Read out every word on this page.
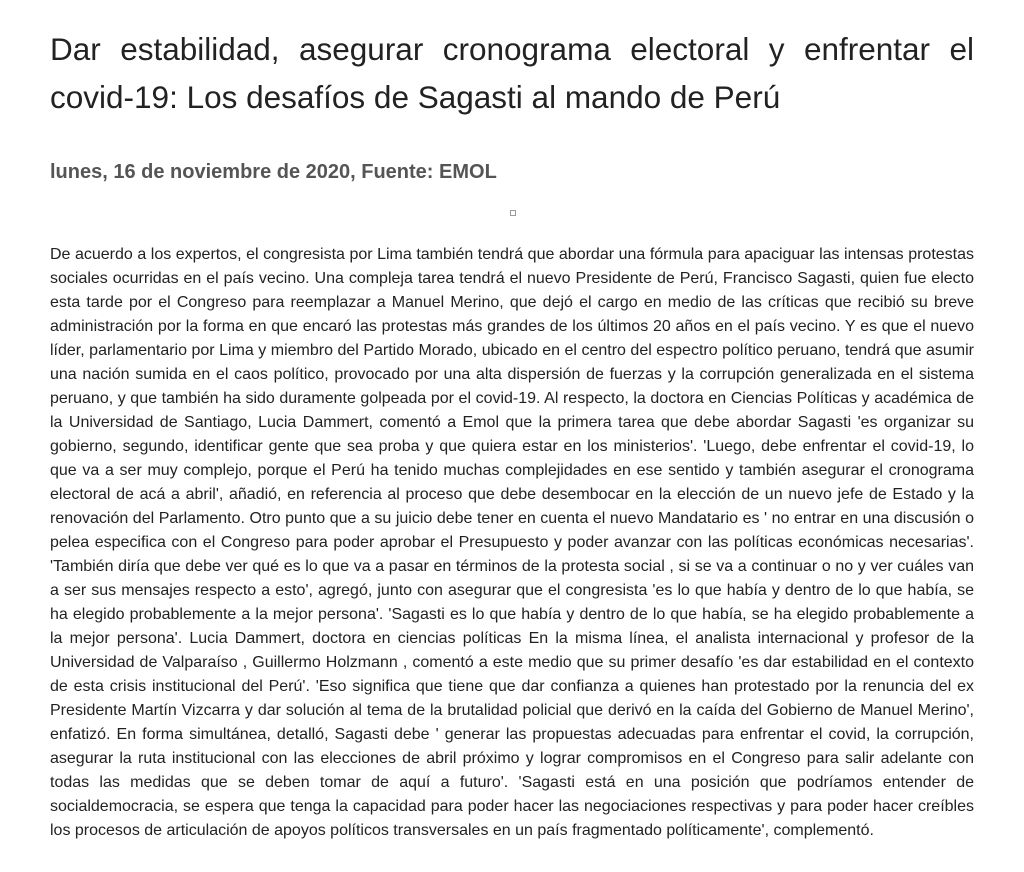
Dar estabilidad, asegurar cronograma electoral y enfrentar el covid-19: Los desafíos de Sagasti al mando de Perú

lunes, 16 de noviembre de 2020, Fuente: EMOL

De acuerdo a los expertos, el congresista por Lima también tendrá que abordar una fórmula para apaciguar las intensas protestas sociales ocurridas en el país vecino. Una compleja tarea tendrá el nuevo Presidente de Perú, Francisco Sagasti, quien fue electo esta tarde por el Congreso para reemplazar a Manuel Merino, que dejó el cargo en medio de las críticas que recibió su breve administración por la forma en que encaró las protestas más grandes de los últimos 20 años en el país vecino. Y es que el nuevo líder, parlamentario por Lima y miembro del Partido Morado, ubicado en el centro del espectro político peruano, tendrá que asumir una nación sumida en el caos político, provocado por una alta dispersión de fuerzas y la corrupción generalizada en el sistema peruano, y que también ha sido duramente golpeada por el covid-19. Al respecto, la doctora en Ciencias Políticas y académica de la Universidad de Santiago, Lucia Dammert, comentó a Emol que la primera tarea que debe abordar Sagasti 'es organizar su gobierno, segundo, identificar gente que sea proba y que quiera estar en los ministerios'. 'Luego, debe enfrentar el covid-19, lo que va a ser muy complejo, porque el Perú ha tenido muchas complejidades en ese sentido y también asegurar el cronograma electoral de acá a abril', añadió, en referencia al proceso que debe desembocar en la elección de un nuevo jefe de Estado y la renovación del Parlamento. Otro punto que a su juicio debe tener en cuenta el nuevo Mandatario es ' no entrar en una discusión o pelea especifica con el Congreso para poder aprobar el Presupuesto y poder avanzar con las políticas económicas necesarias'. 'También diría que debe ver qué es lo que va a pasar en términos de la protesta social , si se va a continuar o no y ver cuáles van a ser sus mensajes respecto a esto', agregó, junto con asegurar que el congresista 'es lo que había y dentro de lo que había, se ha elegido probablemente a la mejor persona'. 'Sagasti es lo que había y dentro de lo que había, se ha elegido probablemente a la mejor persona'. Lucia Dammert, doctora en ciencias políticas En la misma línea, el analista internacional y profesor de la Universidad de Valparaíso , Guillermo Holzmann , comentó a este medio que su primer desafío 'es dar estabilidad en el contexto de esta crisis institucional del Perú'. 'Eso significa que tiene que dar confianza a quienes han protestado por la renuncia del ex Presidente Martín Vizcarra y dar solución al tema de la brutalidad policial que derivó en la caída del Gobierno de Manuel Merino', enfatizó. En forma simultánea, detalló, Sagasti debe ' generar las propuestas adecuadas para enfrentar el covid, la corrupción, asegurar la ruta institucional con las elecciones de abril próximo y lograr compromisos en el Congreso para salir adelante con todas las medidas que se deben tomar de aquí a futuro'. 'Sagasti está en una posición que podríamos entender de socialdemocracia, se espera que tenga la capacidad para poder hacer las negociaciones respectivas y para poder hacer creíbles los procesos de articulación de apoyos políticos transversales en un país fragmentado políticamente', complementó.
